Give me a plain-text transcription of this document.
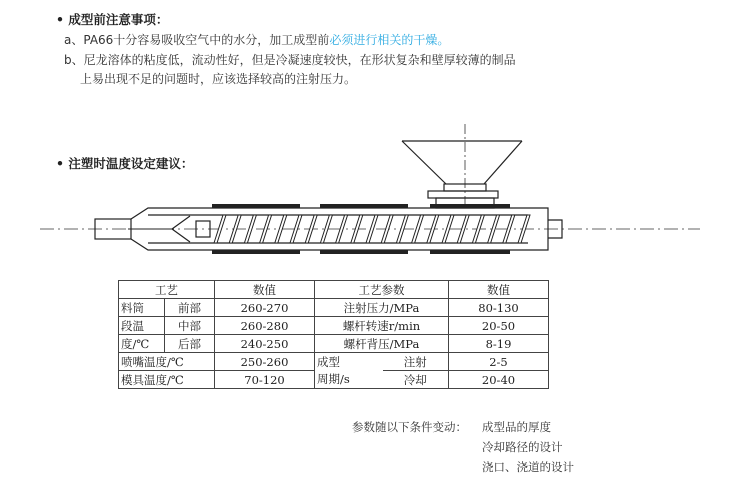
• 成型前注意事项：
a、PA66十分容易吸收空气中的水分，加工成型前必须进行相关的干燥。
b、尼龙溶体的粘度低，流动性好，但是冷凝速度较快，在形状复杂和壁厚较薄的制品
上易出现不足的问题时，应该选择较高的注射压力。
• 注塑时温度设定建议：
工艺		数值	工艺参数		数值
料筒	前部	260-270	注射压力/MPa		80-130
段温	中部	260-280	螺杆转速r/min		20-50
度/℃	后部	240-250	螺杆背压/MPa		8-19
喷嘴温度/℃		250-260	成型	注射	2-5
模具温度/℃		70-120	周期/s	冷却	20-40
参数随以下条件变动： 成型品的厚度
冷却路径的设计
浇口、浇道的设计
